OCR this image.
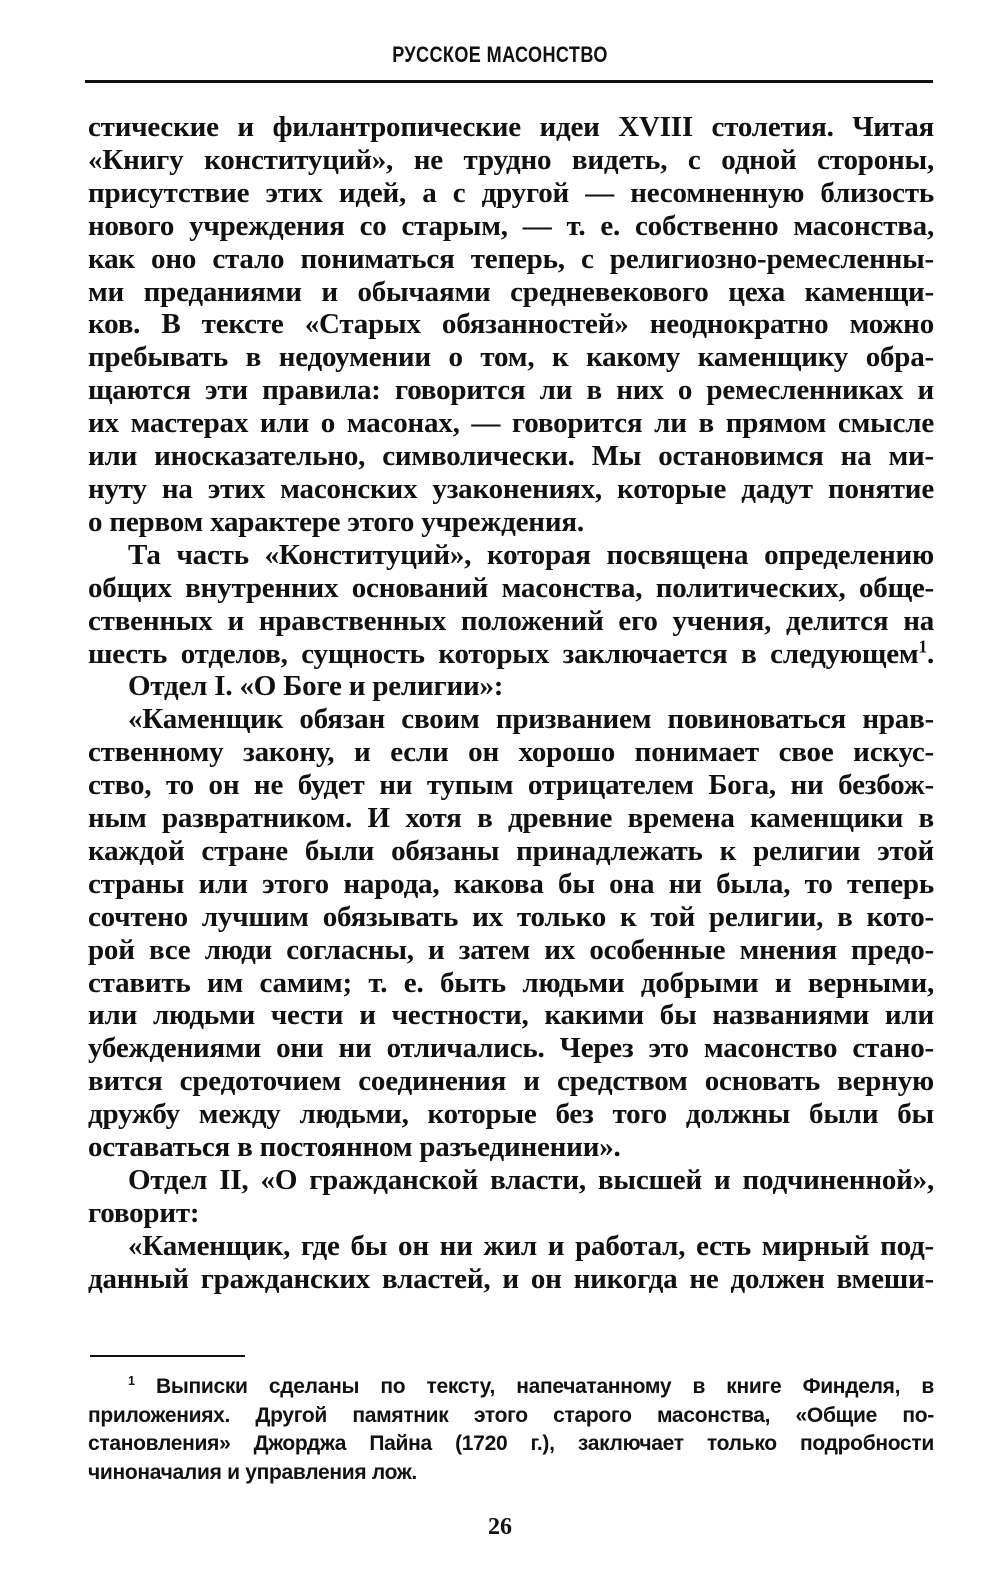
РУССКОЕ МАСОНСТВО
стические и филантропические идеи XVIII столетия. Читая
«Книгу конституций», не трудно видеть, с одной стороны,
присутствие этих идей, а с другой — несомненную близость
нового учреждения со старым, — т. е. собственно масонства,
как оно стало пониматься теперь, с религиозно-ремесленны-
ми преданиями и обычаями средневекового цеха каменщи-
ков. В тексте «Старых обязанностей» неоднократно можно
пребывать в недоумении о том, к какому каменщику обра-
щаются эти правила: говорится ли в них о ремесленниках и
их мастерах или о масонах, — говорится ли в прямом смысле
или иносказательно, символически. Мы остановимся на ми-
нуту на этих масонских узаконениях, которые дадут понятие
о первом характере этого учреждения.
Та часть «Конституций», которая посвящена определению
общих внутренних оснований масонства, политических, обще-
ственных и нравственных положений его учения, делится на
шесть отделов, сущность которых заключается в следующем$^1$.
Отдел I. «О Боге и религии»:
«Каменщик обязан своим призванием повиноваться нрав-
ственному закону, и если он хорошо понимает свое искус-
ство, то он не будет ни тупым отрицателем Бога, ни безбож-
ным развратником. И хотя в древние времена каменщики в
каждой стране были обязаны принадлежать к религии этой
страны или этого народа, какова бы она ни была, то теперь
сочтено лучшим обязывать их только к той религии, в кото-
рой все люди согласны, и затем их особенные мнения предо-
ставить им самим; т. е. быть людьми добрыми и верными,
или людьми чести и честности, какими бы названиями или
убеждениями они ни отличались. Через это масонство стано-
вится средоточием соединения и средством основать верную
дружбу между людьми, которые без того должны были бы
оставаться в постоянном разъединении».
Отдел II, «О гражданской власти, высшей и подчиненной»,
говорит:
«Каменщик, где бы он ни жил и работал, есть мирный под-
данный гражданских властей, и он никогда не должен вмеши-
$^1$ Выписки сделаны по тексту, напечатанному в книге Финделя, в
приложениях. Другой памятник этого старого масонства, «Общие по-
становления» Джорджа Пайна (1720 г.), заключает только подробности
чиноначалия и управления лож.
26
